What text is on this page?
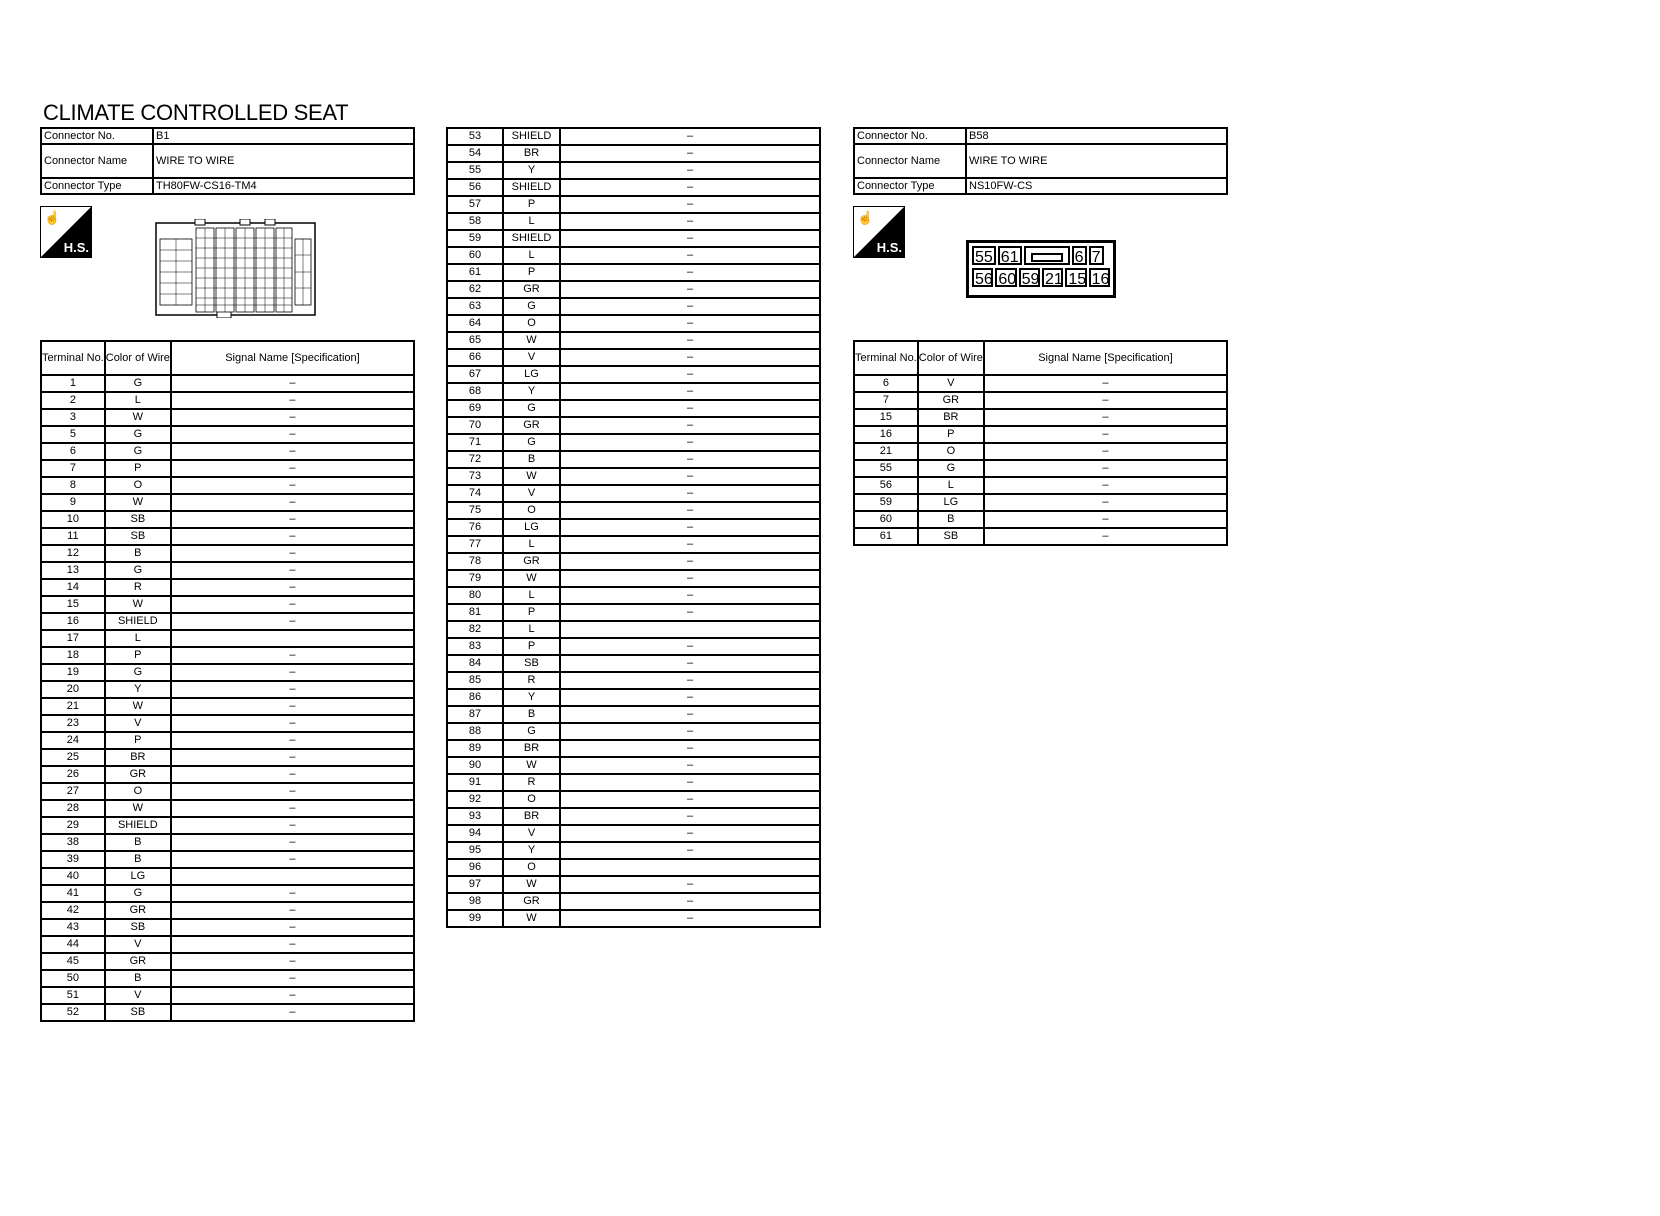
CLIMATE CONTROLLED SEAT
Connector No.	B1
Connector Name	WIRE TO WIRE
Connector Type	TH80FW-CS16-TM4
☝
H.S.
Terminal No.	Color of Wire	Signal Name [Specification]
1	G	–
2	L	–
3	W	–
5	G	–
6	G	–
7	P	–
8	O	–
9	W	–
10	SB	–
11	SB	–
12	B	–
13	G	–
14	R	–
15	W	–
16	SHIELD	–
17	L	
18	P	–
19	G	–
20	Y	–
21	W	–
23	V	–
24	P	–
25	BR	–
26	GR	–
27	O	–
28	W	–
29	SHIELD	–
38	B	–
39	B	–
40	LG	
41	G	–
42	GR	–
43	SB	–
44	V	–
45	GR	–
50	B	–
51	V	–
52	SB	–
53	SHIELD	–
54	BR	–
55	Y	–
56	SHIELD	–
57	P	–
58	L	–
59	SHIELD	–
60	L	–
61	P	–
62	GR	–
63	G	–
64	O	–
65	W	–
66	V	–
67	LG	–
68	Y	–
69	G	–
70	GR	–
71	G	–
72	B	–
73	W	–
74	V	–
75	O	–
76	LG	–
77	L	–
78	GR	–
79	W	–
80	L	–
81	P	–
82	L	
83	P	–
84	SB	–
85	R	–
86	Y	–
87	B	–
88	G	–
89	BR	–
90	W	–
91	R	–
92	O	–
93	BR	–
94	V	–
95	Y	–
96	O	
97	W	–
98	GR	–
99	W	–
Connector No.	B58
Connector Name	WIRE TO WIRE
Connector Type	NS10FW-CS
☝
H.S.
55 61	6 7
56 60 59 21 15 16
Terminal No.	Color of Wire	Signal Name [Specification]
6	V	–
7	GR	–
15	BR	–
16	P	–
21	O	–
55	G	–
56	L	–
59	LG	–
60	B	–
61	SB	–
